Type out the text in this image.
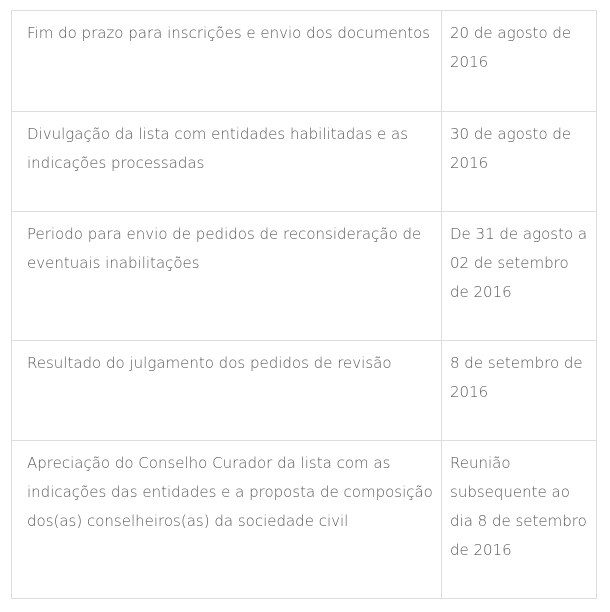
Fim do prazo para inscrições e envio dos documentos	20 de agosto de 2016
Divulgação da lista com entidades habilitadas e as indicações processadas	30 de agosto de 2016
Periodo para envio de pedidos de reconsideração de eventuais inabilitações	De 31 de agosto a 02 de setembro de 2016
Resultado do julgamento dos pedidos de revisão	8 de setembro de 2016
Apreciação do Conselho Curador da lista com as indicações das entidades e a proposta de composição dos(as) conselheiros(as) da sociedade civil	Reunião subsequente ao dia 8 de setembro de 2016
